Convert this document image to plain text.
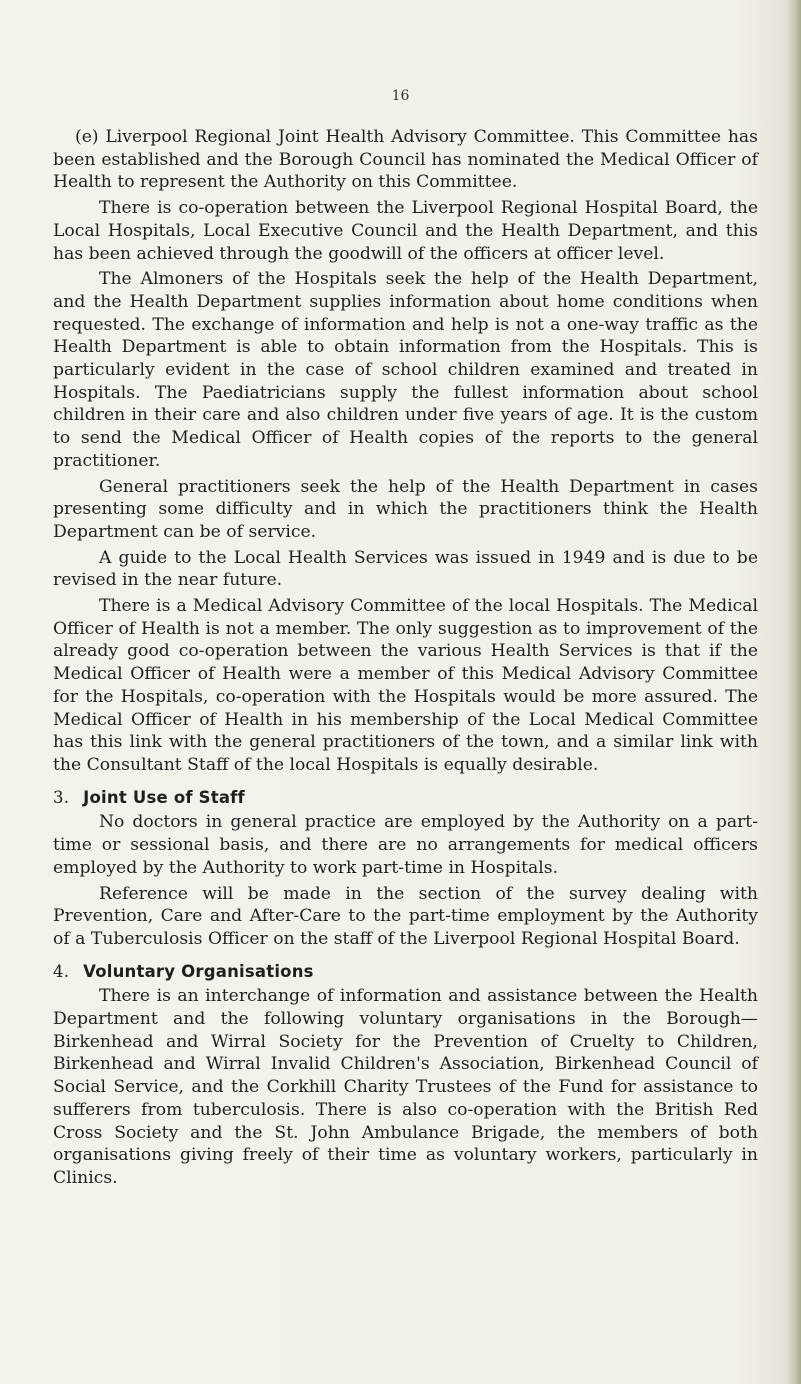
16

(e) Liverpool Regional Joint Health Advisory Committee. This Committee has been established and the Borough Council has nominated the Medical Officer of Health to represent the Authority on this Committee.

There is co-operation between the Liverpool Regional Hospital Board, the Local Hospitals, Local Executive Council and the Health Department, and this has been achieved through the goodwill of the officers at officer level.

The Almoners of the Hospitals seek the help of the Health Department, and the Health Department supplies information about home conditions when requested. The exchange of information and help is not a one-way traffic as the Health Department is able to obtain information from the Hospitals. This is particularly evident in the case of school children examined and treated in Hospitals. The Paediatricians supply the fullest information about school children in their care and also children under five years of age. It is the custom to send the Medical Officer of Health copies of the reports to the general practitioner.

General practitioners seek the help of the Health Department in cases presenting some difficulty and in which the practitioners think the Health Department can be of service.

A guide to the Local Health Services was issued in 1949 and is due to be revised in the near future.

There is a Medical Advisory Committee of the local Hospitals. The Medical Officer of Health is not a member. The only suggestion as to improvement of the already good co-operation between the various Health Services is that if the Medical Officer of Health were a member of this Medical Advisory Committee for the Hospitals, co-operation with the Hospitals would be more assured. The Medical Officer of Health in his membership of the Local Medical Committee has this link with the general practitioners of the town, and a similar link with the Consultant Staff of the local Hospitals is equally desirable.

3. Joint Use of Staff

No doctors in general practice are employed by the Authority on a part-time or sessional basis, and there are no arrangements for medical officers employed by the Authority to work part-time in Hospitals.

Reference will be made in the section of the survey dealing with Prevention, Care and After-Care to the part-time employment by the Authority of a Tuberculosis Officer on the staff of the Liverpool Regional Hospital Board.

4. Voluntary Organisations

There is an interchange of information and assistance between the Health Department and the following voluntary organisations in the Borough—Birkenhead and Wirral Society for the Prevention of Cruelty to Children, Birkenhead and Wirral Invalid Children's Association, Birkenhead Council of Social Service, and the Corkhill Charity Trustees of the Fund for assistance to sufferers from tuberculosis. There is also co-operation with the British Red Cross Society and the St. John Ambulance Brigade, the members of both organisations giving freely of their time as voluntary workers, particularly in Clinics.
